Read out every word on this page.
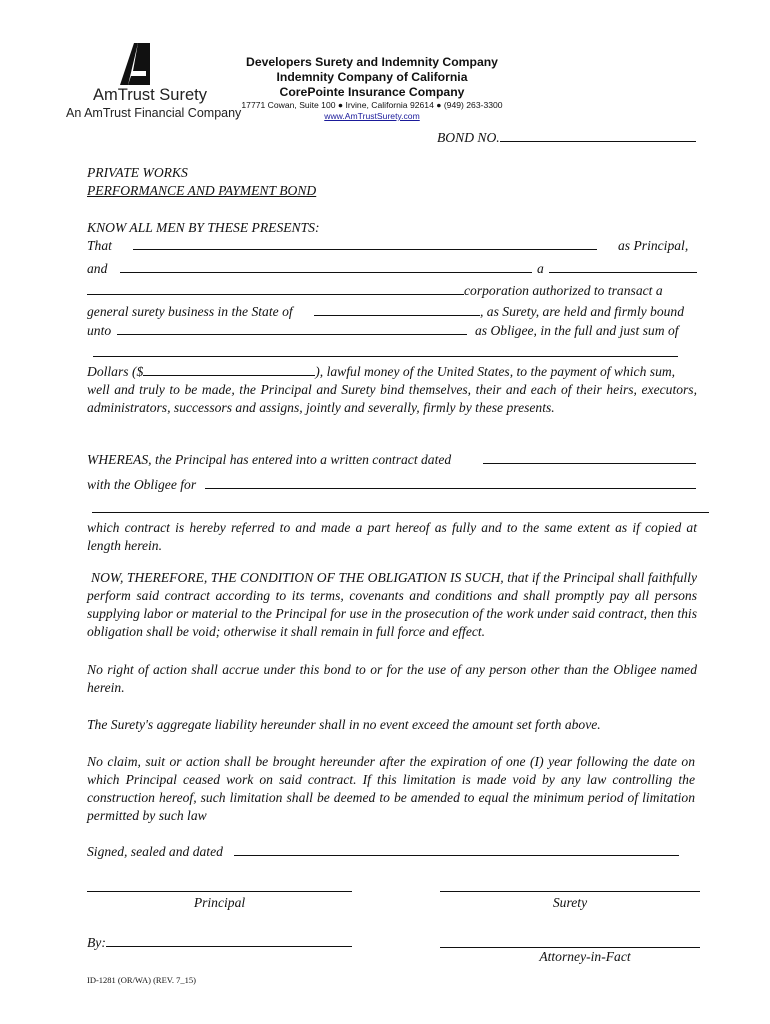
AmTrust Surety
An AmTrust Financial Company
Developers Surety and Indemnity Company
Indemnity Company of California
CorePointe Insurance Company
17771 Cowan, Suite 100 ● Irvine, California 92614 ● (949) 263-3300
www.AmTrustSurety.com
BOND NO.
PRIVATE WORKS
PERFORMANCE AND PAYMENT BOND
KNOW ALL MEN BY THESE PRESENTS:
That	as Principal,
and	a
corporation authorized to transact a
general surety business in the State of	, as Surety, are held and firmly bound
unto	as Obligee, in the full and just sum of
Dollars ($	), lawful money of the United States, to the payment of which sum,
well and truly to be made, the Principal and Surety bind themselves, their and each of their heirs, executors, administrators, successors and assigns, jointly and severally, firmly by these presents.
WHEREAS, the Principal has entered into a written contract dated
with the Obligee for
which contract is hereby referred to and made a part hereof as fully and to the same extent as if copied at length herein.
NOW, THEREFORE, THE CONDITION OF THE OBLIGATION IS SUCH, that if the Principal shall faithfully perform said contract according to its terms, covenants and conditions and shall promptly pay all persons supplying labor or material to the Principal for use in the prosecution of the work under said contract, then this obligation shall be void; otherwise it shall remain in full force and effect.
No right of action shall accrue under this bond to or for the use of any person other than the Obligee named herein.
The Surety's aggregate liability hereunder shall in no event exceed the amount set forth above.
No claim, suit or action shall be brought hereunder after the expiration of one (I) year following the date on which Principal ceased work on said contract. If this limitation is made void by any law controlling the construction hereof, such limitation shall be deemed to be amended to equal the minimum period of limitation permitted by such law
Signed, sealed and dated
Principal	Surety
By:
Attorney-in-Fact
ID-1281 (OR/WA) (REV. 7_15)
